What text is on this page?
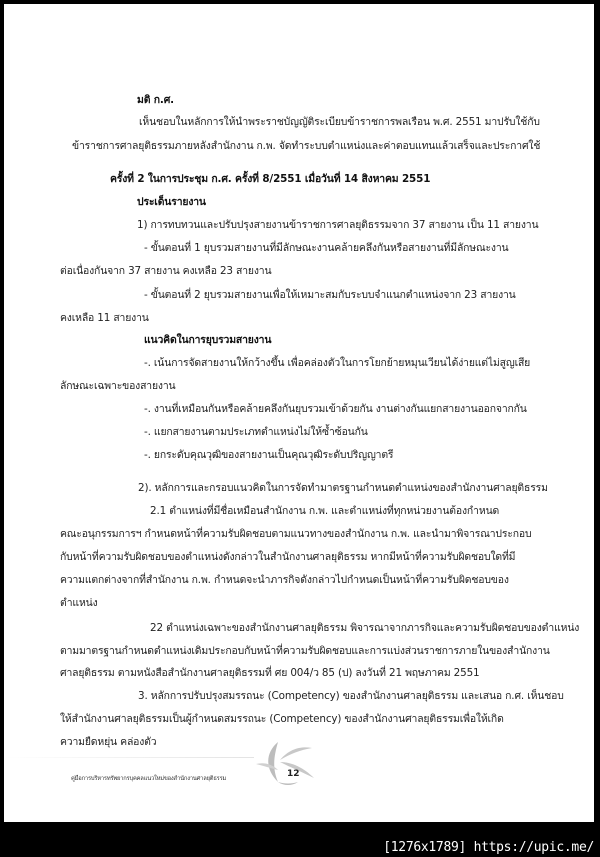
มติ ก.ศ.
เห็นชอบในหลักการให้นำพระราชบัญญัติระเบียบข้าราชการพลเรือน พ.ศ. 2551 มาปรับใช้กับ
ข้าราชการศาลยุติธรรมภายหลังสำนักงาน ก.พ. จัดทำระบบตำแหน่งและค่าตอบแทนแล้วเสร็จและประกาศใช้
ครั้งที่ 2 ในการประชุม ก.ศ. ครั้งที่ 8/2551 เมื่อวันที่ 14 สิงหาคม 2551
ประเด็นรายงาน
1) การทบทวนและปรับปรุงสายงานข้าราชการศาลยุติธรรมจาก 37 สายงาน เป็น 11 สายงาน
- ขั้นตอนที่ 1 ยุบรวมสายงานที่มีลักษณะงานคล้ายคลึงกันหรือสายงานที่มีลักษณะงาน
ต่อเนื่องกันจาก 37 สายงาน คงเหลือ 23 สายงาน
- ขั้นตอนที่ 2 ยุบรวมสายงานเพื่อให้เหมาะสมกับระบบจำแนกตำแหน่งจาก 23 สายงาน
คงเหลือ 11 สายงาน
แนวคิดในการยุบรวมสายงาน
-. เน้นการจัดสายงานให้กว้างขึ้น เพื่อคล่องตัวในการโยกย้ายหมุนเวียนได้ง่ายแต่ไม่สูญเสีย
ลักษณะเฉพาะของสายงาน
-. งานที่เหมือนกันหรือคล้ายคลึงกันยุบรวมเข้าด้วยกัน งานต่างกันแยกสายงานออกจากกัน
-. แยกสายงานตามประเภทตำแหน่งไม่ให้ซ้ำซ้อนกัน
-. ยกระดับคุณวุฒิของสายงานเป็นคุณวุฒิระดับปริญญาตรี
2). หลักการและกรอบแนวคิดในการจัดทำมาตรฐานกำหนดตำแหน่งของสำนักงานศาลยุติธรรม
2.1 ตำแหน่งที่มีชื่อเหมือนสำนักงาน ก.พ. และตำแหน่งที่ทุกหน่วยงานต้องกำหนด
คณะอนุกรรมการฯ กำหนดหน้าที่ความรับผิดชอบตามแนวทางของสำนักงาน ก.พ. และนำมาพิจารณาประกอบ
กับหน้าที่ความรับผิดชอบของตำแหน่งดังกล่าวในสำนักงานศาลยุติธรรม หากมีหน้าที่ความรับผิดชอบใดที่มี
ความแตกต่างจากที่สำนักงาน ก.พ. กำหนดจะนำภารกิจดังกล่าวไปกำหนดเป็นหน้าที่ความรับผิดชอบของ
ตำแหน่ง
22 ตำแหน่งเฉพาะของสำนักงานศาลยุติธรรม พิจารณาจากภารกิจและความรับผิดชอบของตำแหน่ง
ตามมาตรฐานกำหนดตำแหน่งเดิมประกอบกับหน้าที่ความรับผิดชอบและการแบ่งส่วนราชการภายในของสำนักงาน
ศาลยุติธรรม ตามหนังสือสำนักงานศาลยุติธรรมที่ ศย 004/ว 85 (ป) ลงวันที่ 21 พฤษภาคม 2551
3. หลักการปรับปรุงสมรรถนะ (Competency) ของสำนักงานศาลยุติธรรม และเสนอ ก.ศ. เห็นชอบ
ให้สำนักงานศาลยุติธรรมเป็นผู้กำหนดสมรรถนะ (Competency) ของสำนักงานศาลยุติธรรมเพื่อให้เกิด
ความยืดหยุ่น คล่องตัว
คู่มือการบริหารทรัพยากรบุคคลแนวใหม่ของสำนักงานศาลยุติธรรม	12
[1276x1789] https://upic.me/
